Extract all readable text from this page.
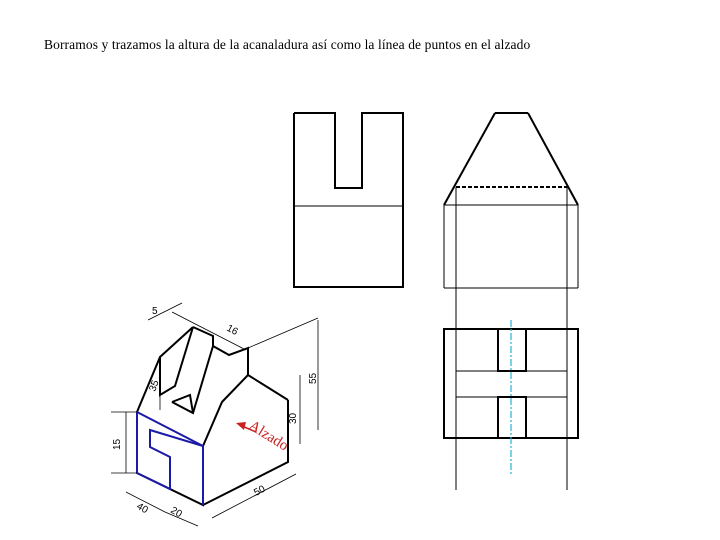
Borramos y trazamos la altura de la acanaladura así como la línea de puntos en el alzado
5
16
35
55
30
15
40 20
50
Alzado
